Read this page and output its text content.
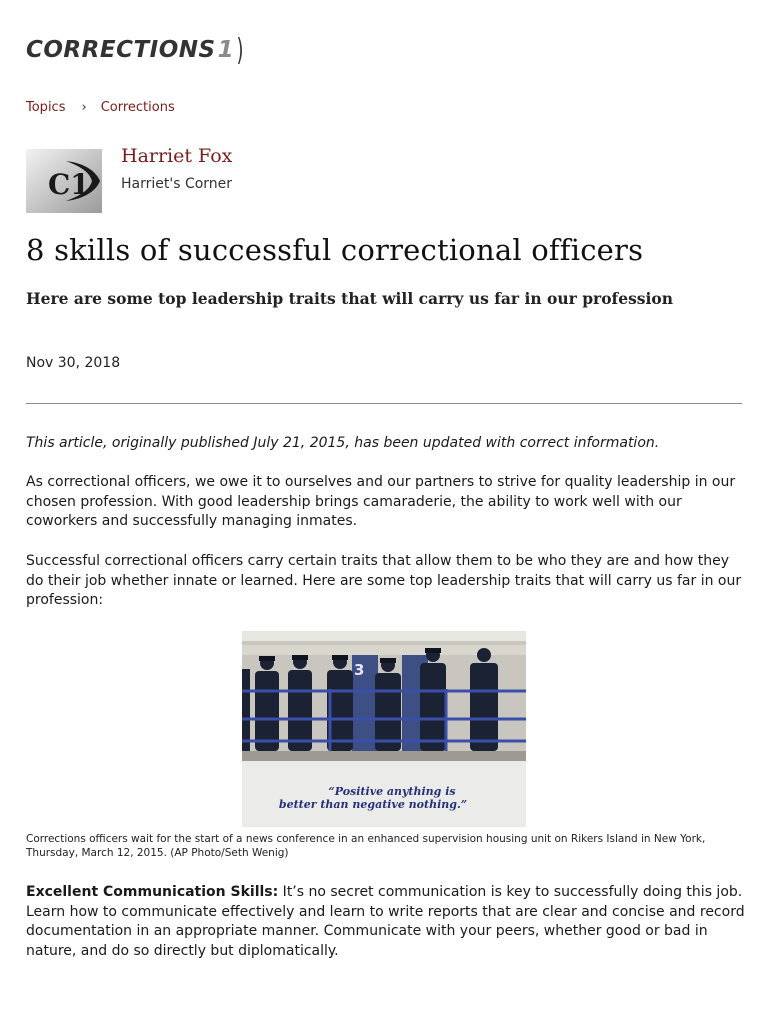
CORRECTIONS 1 )
Topics › Corrections
C1
Harriet Fox
Harriet's Corner
8 skills of successful correctional officers
Here are some top leadership traits that will carry us far in our profession
Nov 30, 2018

This article, originally published July 21, 2015, has been updated with correct information.

As correctional officers, we owe it to ourselves and our partners to strive for quality leadership in our chosen profession. With good leadership brings camaraderie, the ability to work well with our coworkers and successfully managing inmates.

Successful correctional officers carry certain traits that allow them to be who they are and how they do their job whether innate or learned. Here are some top leadership traits that will carry us far in our profession:

3
“Positive anything is
better than negative nothing.”

Corrections officers wait for the start of a news conference in an enhanced supervision housing unit on Rikers Island in New York, Thursday, March 12, 2015. (AP Photo/Seth Wenig)

Excellent Communication Skills: It’s no secret communication is key to successfully doing this job. Learn how to communicate effectively and learn to write reports that are clear and concise and record documentation in an appropriate manner. Communicate with your peers, whether good or bad in nature, and do so directly but diplomatically.
